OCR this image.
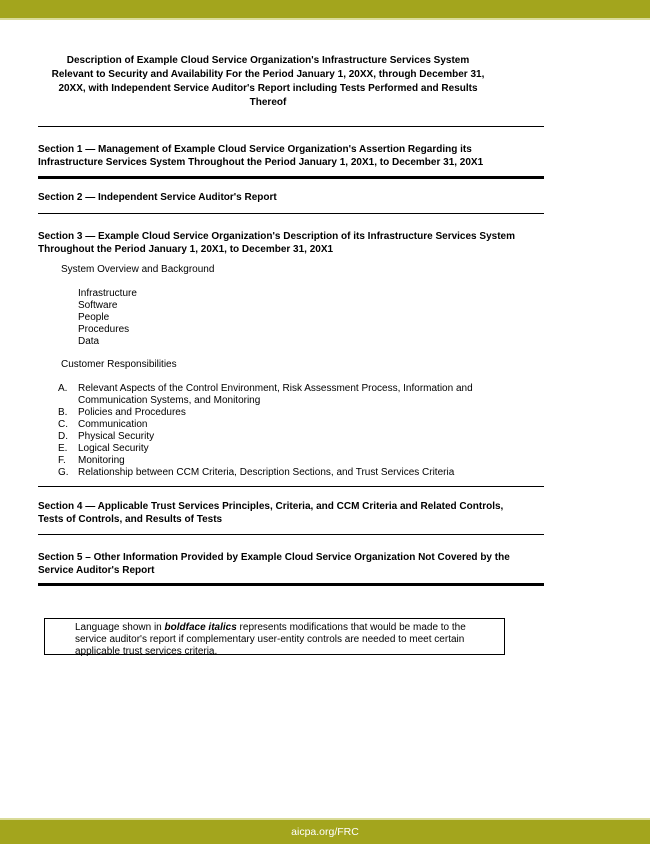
Description of Example Cloud Service Organization's Infrastructure Services System
Relevant to Security and Availability For the Period January 1, 20XX, through December 31,
20XX, with Independent Service Auditor's Report including Tests Performed and Results
Thereof
Section 1 — Management of Example Cloud Service Organization's Assertion Regarding its
Infrastructure Services System Throughout the Period January 1, 20X1, to December 31, 20X1
Section 2 — Independent Service Auditor's Report
Section 3 — Example Cloud Service Organization's Description of its Infrastructure Services System
Throughout the Period January 1, 20X1, to December 31, 20X1
System Overview and Background
Infrastructure
Software
People
Procedures
Data
Customer Responsibilities
A.	Relevant Aspects of the Control Environment, Risk Assessment Process, Information and
Communication Systems, and Monitoring
B.	Policies and Procedures
C.	Communication
D.	Physical Security
E.	Logical Security
F.	Monitoring
G. Relationship between CCM Criteria, Description Sections, and Trust Services Criteria
Section 4 — Applicable Trust Services Principles, Criteria, and CCM Criteria and Related Controls,
Tests of Controls, and Results of Tests
Section 5 – Other Information Provided by Example Cloud Service Organization Not Covered by the
Service Auditor's Report
Language shown in boldface italics represents modifications that would be made to the service auditor's report if complementary user-entity controls are needed to meet certain applicable trust services criteria.
aicpa.org/FRC
